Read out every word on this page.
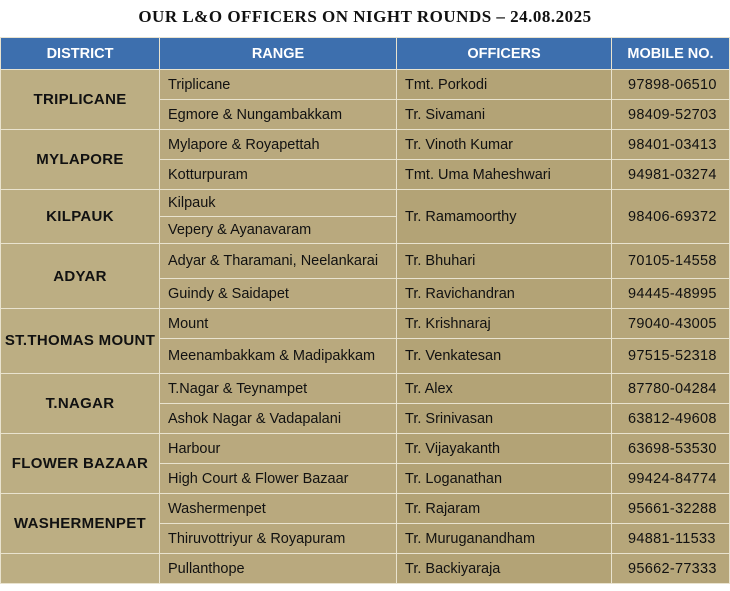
OUR L&O OFFICERS ON NIGHT ROUNDS – 24.08.2025
DISTRICT	RANGE	OFFICERS	MOBILE NO.
TRIPLICANE	Triplicane	Tmt. Porkodi	97898-06510
	Egmore & Nungambakkam	Tr. Sivamani	98409-52703
MYLAPORE	Mylapore & Royapettah	Tr. Vinoth Kumar	98401-03413
	Kotturpuram	Tmt. Uma Maheshwari	94981-03274
KILPAUK	Kilpauk	Tr. Ramamoorthy	98406-69372
	Vepery & Ayanavaram		
ADYAR	Adyar & Tharamani, Neelankarai	Tr. Bhuhari	70105-14558
	Guindy & Saidapet	Tr. Ravichandran	94445-48995
ST.THOMAS MOUNT	Mount	Tr. Krishnaraj	79040-43005
	Meenambakkam & Madipakkam	Tr. Venkatesan	97515-52318
T.NAGAR	T.Nagar & Teynampet	Tr. Alex	87780-04284
	Ashok Nagar & Vadapalani	Tr. Srinivasan	63812-49608
FLOWER BAZAAR	Harbour	Tr. Vijayakanth	63698-53530
	High Court & Flower Bazaar	Tr. Loganathan	99424-84774
WASHERMENPET	Washermenpet	Tr. Rajaram	95661-32288
	Thiruvottriyur & Royapuram	Tr. Muruganandham	94881-11533
	Pullanthope	Tr. Backiyaraja	95662-77333
